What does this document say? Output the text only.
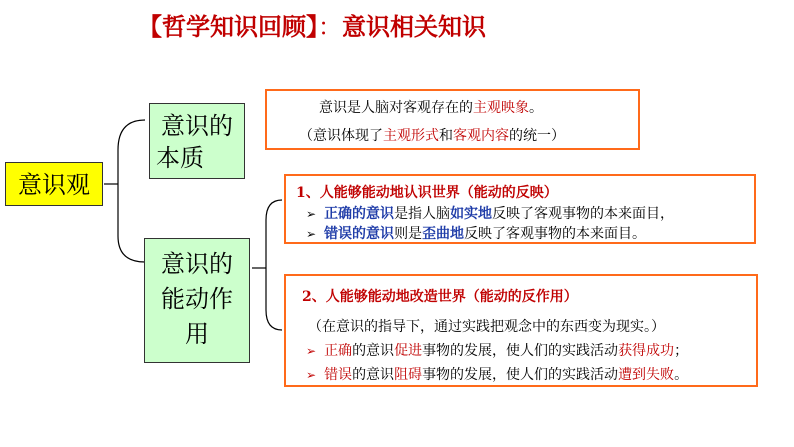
【哲学知识回顾】：意识相关知识
意识观
意识的
本质
意识的
能动作
用
意识是人脑对客观存在的主观映象。
（意识体现了主观形式和客观内容的统一）
1、人能够能动地认识世界（能动的反映）
➢ 正确的意识是指人脑如实地反映了客观事物的本来面目，
➢ 错误的意识则是歪曲地反映了客观事物的本来面目。
2、人能够能动地改造世界（能动的反作用）
（在意识的指导下，通过实践把观念中的东西变为现实。）
➢ 正确的意识促进事物的发展，使人们的实践活动获得成功；
➢ 错误的意识阻碍事物的发展，使人们的实践活动遭到失败。
